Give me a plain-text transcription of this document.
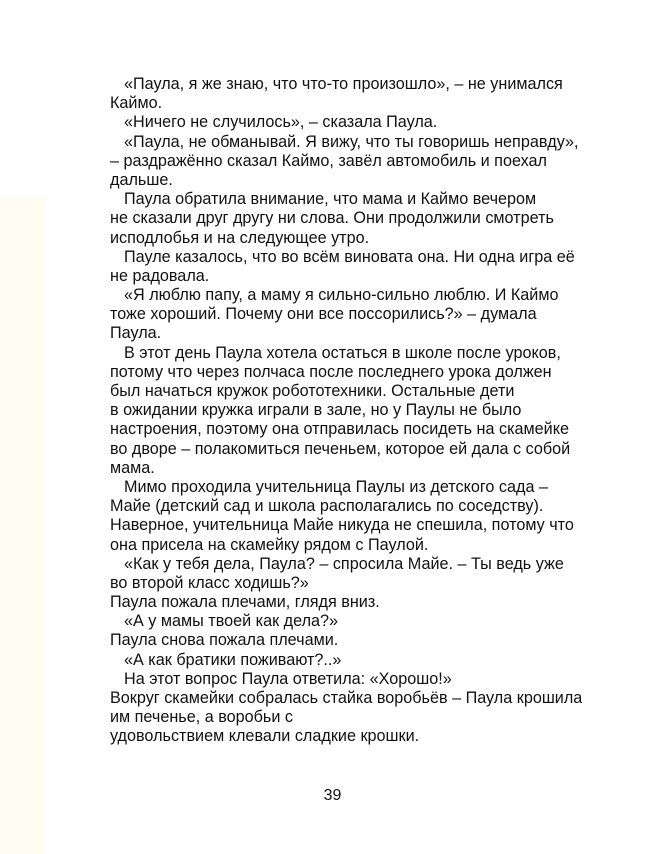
«Паула, я же знаю, что что-то произошло», – не унимался
Каймо.
«Ничего не случилось», – сказала Паула.
«Паула, не обманывай. Я вижу, что ты говоришь неправду»,
– раздражённо сказал Каймо, завёл автомобиль и поехал
дальше.
Паула обратила внимание, что мама и Каймо вечером
не сказали друг другу ни слова. Они продолжили смотреть
исподлобья и на следующее утро.
Пауле казалось, что во всём виновата она. Ни одна игра её
не радовала.
«Я люблю папу, а маму я сильно-сильно люблю. И Каймо
тоже хороший. Почему они все поссорились?» – думала
Паула.
В этот день Паула хотела остаться в школе после уроков,
потому что через полчаса после последнего урока должен
был начаться кружок робототехники. Остальные дети
в ожидании кружка играли в зале, но у Паулы не было
настроения, поэтому она отправилась посидеть на скамейке
во дворе – полакомиться печеньем, которое ей дала с собой
мама.
Мимо проходила учительница Паулы из детского сада –
Майе (детский сад и школа располагались по соседству).
Наверное, учительница Майе никуда не спешила, потому что
она присела на скамейку рядом с Паулой.
«Как у тебя дела, Паула? – спросила Майе. – Ты ведь уже
во второй класс ходишь?»
Паула пожала плечами, глядя вниз.
«А у мамы твоей как дела?»
Паула снова пожала плечами.
«А как братики поживают?..»
На этот вопрос Паула ответила: «Хорошо!»
Вокруг скамейки собралась стайка воробьёв – Паула крошила
им печенье, а воробьи с
удовольствием клевали сладкие крошки.
39
